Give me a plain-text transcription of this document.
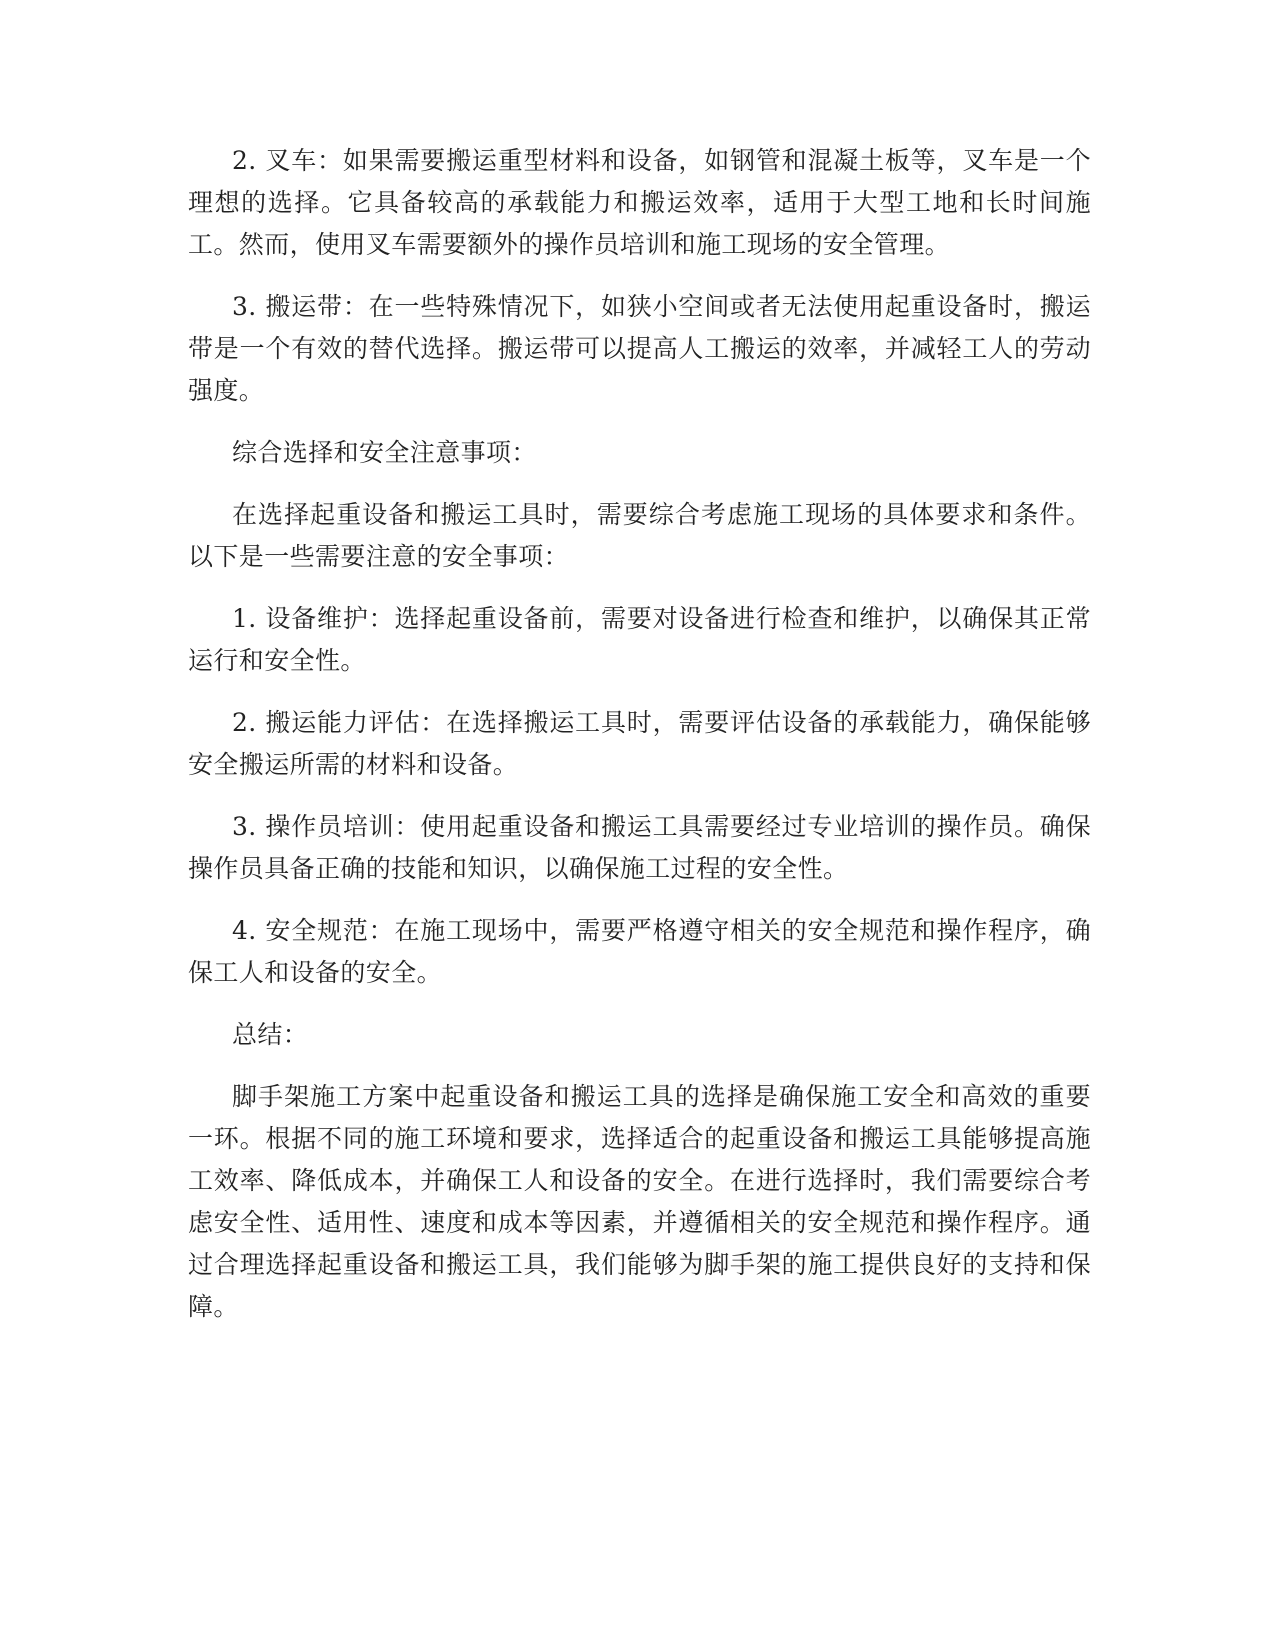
2. 叉车：如果需要搬运重型材料和设备，如钢管和混凝土板等，叉车是一个理想的选择。它具备较高的承载能力和搬运效率，适用于大型工地和长时间施工。然而，使用叉车需要额外的操作员培训和施工现场的安全管理。

3. 搬运带：在一些特殊情况下，如狭小空间或者无法使用起重设备时，搬运带是一个有效的替代选择。搬运带可以提高人工搬运的效率，并减轻工人的劳动强度。

综合选择和安全注意事项：

在选择起重设备和搬运工具时，需要综合考虑施工现场的具体要求和条件。以下是一些需要注意的安全事项：

1. 设备维护：选择起重设备前，需要对设备进行检查和维护，以确保其正常运行和安全性。

2. 搬运能力评估：在选择搬运工具时，需要评估设备的承载能力，确保能够安全搬运所需的材料和设备。

3. 操作员培训：使用起重设备和搬运工具需要经过专业培训的操作员。确保操作员具备正确的技能和知识，以确保施工过程的安全性。

4. 安全规范：在施工现场中，需要严格遵守相关的安全规范和操作程序，确保工人和设备的安全。

总结：

脚手架施工方案中起重设备和搬运工具的选择是确保施工安全和高效的重要一环。根据不同的施工环境和要求，选择适合的起重设备和搬运工具能够提高施工效率、降低成本，并确保工人和设备的安全。在进行选择时，我们需要综合考虑安全性、适用性、速度和成本等因素，并遵循相关的安全规范和操作程序。通过合理选择起重设备和搬运工具，我们能够为脚手架的施工提供良好的支持和保障。
